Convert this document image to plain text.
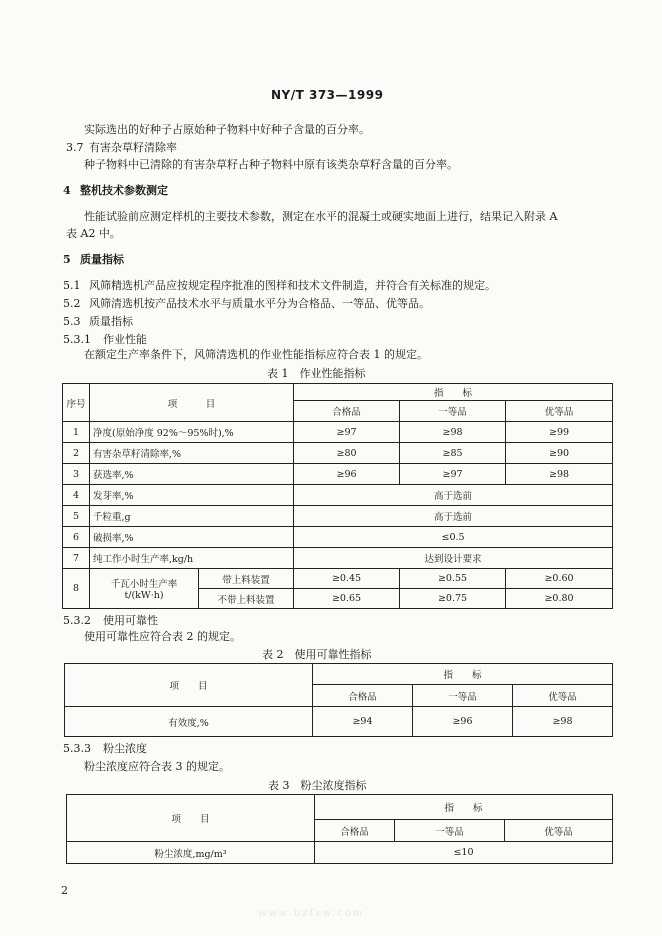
NY/T 373—1999
实际选出的好种子占原始种子物料中好种子含量的百分率。
3.7 有害杂草籽清除率
种子物料中已清除的有害杂草籽占种子物料中原有该类杂草籽含量的百分率。
4 整机技术参数测定
性能试验前应测定样机的主要技术参数，测定在水平的混凝土或硬实地面上进行，结果记入附录 A
表 A2 中。
5 质量指标
5.1 风筛精选机产品应按规定程序批准的图样和技术文件制造，并符合有关标准的规定。
5.2 风筛清选机按产品技术水平与质量水平分为合格品、一等品、优等品。
5.3 质量指标
5.3.1 作业性能
在额定生产率条件下，风筛清选机的作业性能指标应符合表 1 的规定。
表 1　作业性能指标
序号	项　　　目		指　　标		
			合格品	一等品	优等品
1	净度(原始净度 92%～95%时),%		≥97	≥98	≥99
2	有害杂草籽清除率,%		≥80	≥85	≥90
3	获选率,%		≥96	≥97	≥98
4	发芽率,%		高于选前		
5	千粒重,g		高于选前		
6	破损率,%		≤0.5		
7	纯工作小时生产率,kg/h		达到设计要求		
8	千瓦小时生产率
t/(kW·h)	带上料装置	≥0.45	≥0.55	≥0.60
		不带上料装置	≥0.65	≥0.75	≥0.80
5.3.2 使用可靠性
使用可靠性应符合表 2 的规定。
表 2　使用可靠性指标
项　　目	指　　标		
	合格品	一等品	优等品
有效度,%	≥94	≥96	≥98
5.3.3 粉尘浓度
粉尘浓度应符合表 3 的规定。
表 3　粉尘浓度指标
项　　目	指　　标		
	合格品	一等品	优等品
粉尘浓度,mg/m³	≤10		
2
www.bzfxw.com
